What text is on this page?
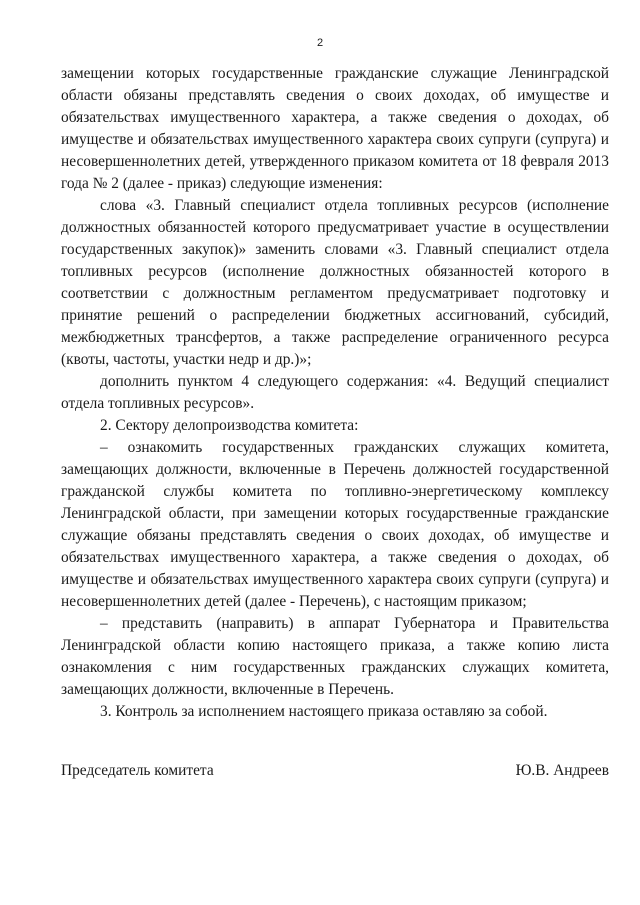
2

замещении которых государственные гражданские служащие Ленинградской области обязаны представлять сведения о своих доходах, об имуществе и обязательствах имущественного характера, а также сведения о доходах, об имуществе и обязательствах имущественного характера своих супруги (супруга) и несовершеннолетних детей, утвержденного приказом комитета от 18 февраля 2013 года № 2 (далее - приказ) следующие изменения:

слова «3. Главный специалист отдела топливных ресурсов (исполнение должностных обязанностей которого предусматривает участие в осуществлении государственных закупок)» заменить словами «3. Главный специалист отдела топливных ресурсов (исполнение должностных обязанностей которого в соответствии с должностным регламентом предусматривает подготовку и принятие решений о распределении бюджетных ассигнований, субсидий, межбюджетных трансфертов, а также распределение ограниченного ресурса (квоты, частоты, участки недр и др.)»;

дополнить пунктом 4 следующего содержания: «4. Ведущий специалист отдела топливных ресурсов».

2. Сектору делопроизводства комитета:

– ознакомить государственных гражданских служащих комитета, замещающих должности, включенные в Перечень должностей государственной гражданской службы комитета по топливно-энергетическому комплексу Ленинградской области, при замещении которых государственные гражданские служащие обязаны представлять сведения о своих доходах, об имуществе и обязательствах имущественного характера, а также сведения о доходах, об имуществе и обязательствах имущественного характера своих супруги (супруга) и несовершеннолетних детей (далее - Перечень), с настоящим приказом;

– представить (направить) в аппарат Губернатора и Правительства Ленинградской области копию настоящего приказа, а также копию листа ознакомления с ним государственных гражданских служащих комитета, замещающих должности, включенные в Перечень.

3. Контроль за исполнением настоящего приказа оставляю за собой.

Председатель комитета	Ю.В. Андреев
